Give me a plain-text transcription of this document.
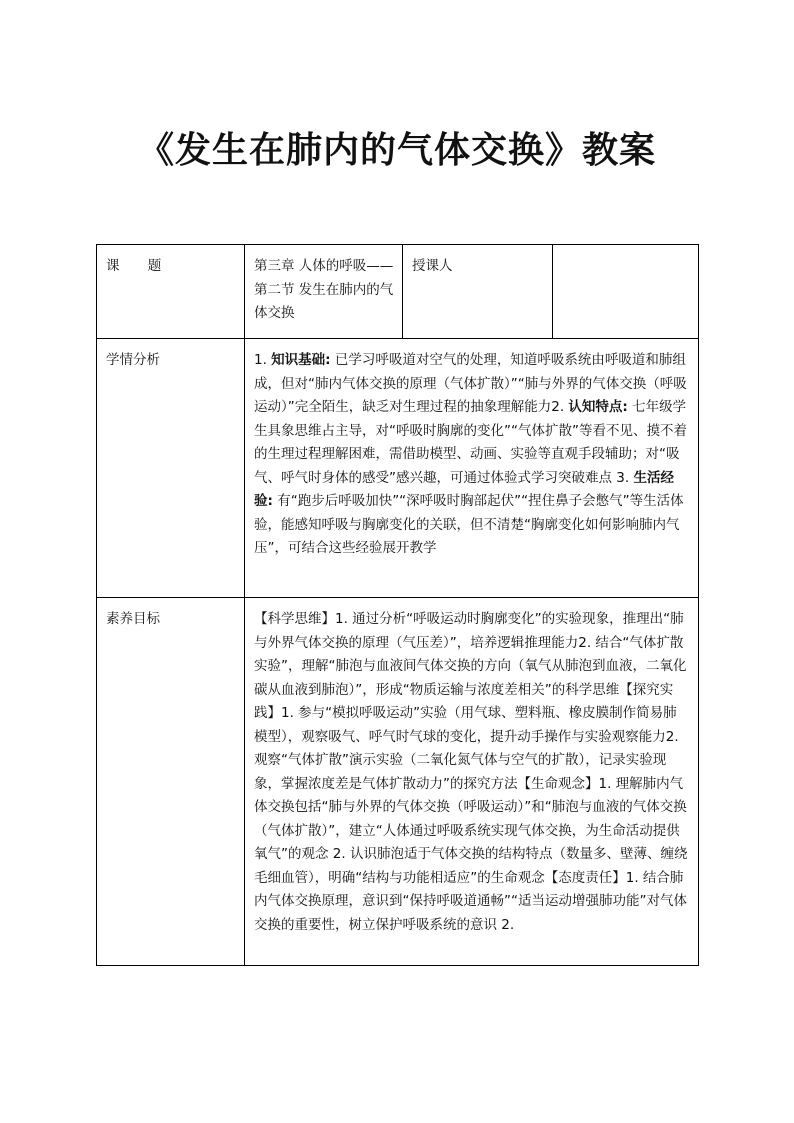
《发生在肺内的气体交换》教案
课 题	第三章 人体的呼吸—— 第二节 发生在肺内的气体交换	授课人	
学情分析	1. 知识基础: 已学习呼吸道对空气的处理，知道呼吸系统由呼吸道和肺组成，但对“肺内气体交换的原理（气体扩散）”“肺与外界的气体交换（呼吸运动）”完全陌生，缺乏对生理过程的抽象理解能力2. 认知特点: 七年级学生具象思维占主导，对“呼吸时胸廓的变化”“气体扩散”等看不见、摸不着的生理过程理解困难，需借助模型、动画、实验等直观手段辅助；对“吸气、呼气时身体的感受”感兴趣，可通过体验式学习突破难点 3. 生活经验: 有“跑步后呼吸加快”“深呼吸时胸部起伏”“捏住鼻子会憋气”等生活体验，能感知呼吸与胸廓变化的关联，但不清楚“胸廓变化如何影响肺内气压”，可结合这些经验展开教学		
素养目标	【科学思维】1. 通过分析“呼吸运动时胸廓变化”的实验现象，推理出“肺与外界气体交换的原理（气压差）”，培养逻辑推理能力2. 结合“气体扩散实验”，理解“肺泡与血液间气体交换的方向（氧气从肺泡到血液，二氧化碳从血液到肺泡）”，形成“物质运输与浓度差相关”的科学思维【探究实践】1. 参与“模拟呼吸运动”实验（用气球、塑料瓶、橡皮膜制作简易肺模型），观察吸气、呼气时气球的变化，提升动手操作与实验观察能力2. 观察“气体扩散”演示实验（二氧化氮气体与空气的扩散），记录实验现象，掌握浓度差是气体扩散动力”的探究方法【生命观念】1. 理解肺内气体交换包括“肺与外界的气体交换（呼吸运动）”和“肺泡与血液的气体交换（气体扩散）”，建立“人体通过呼吸系统实现气体交换，为生命活动提供氧气”的观念 2. 认识肺泡适于气体交换的结构特点（数量多、壁薄、缠绕毛细血管），明确“结构与功能相适应”的生命观念【态度责任】1. 结合肺内气体交换原理，意识到“保持呼吸道通畅”“适当运动增强肺功能”对气体交换的重要性，树立保护呼吸系统的意识 2.		
